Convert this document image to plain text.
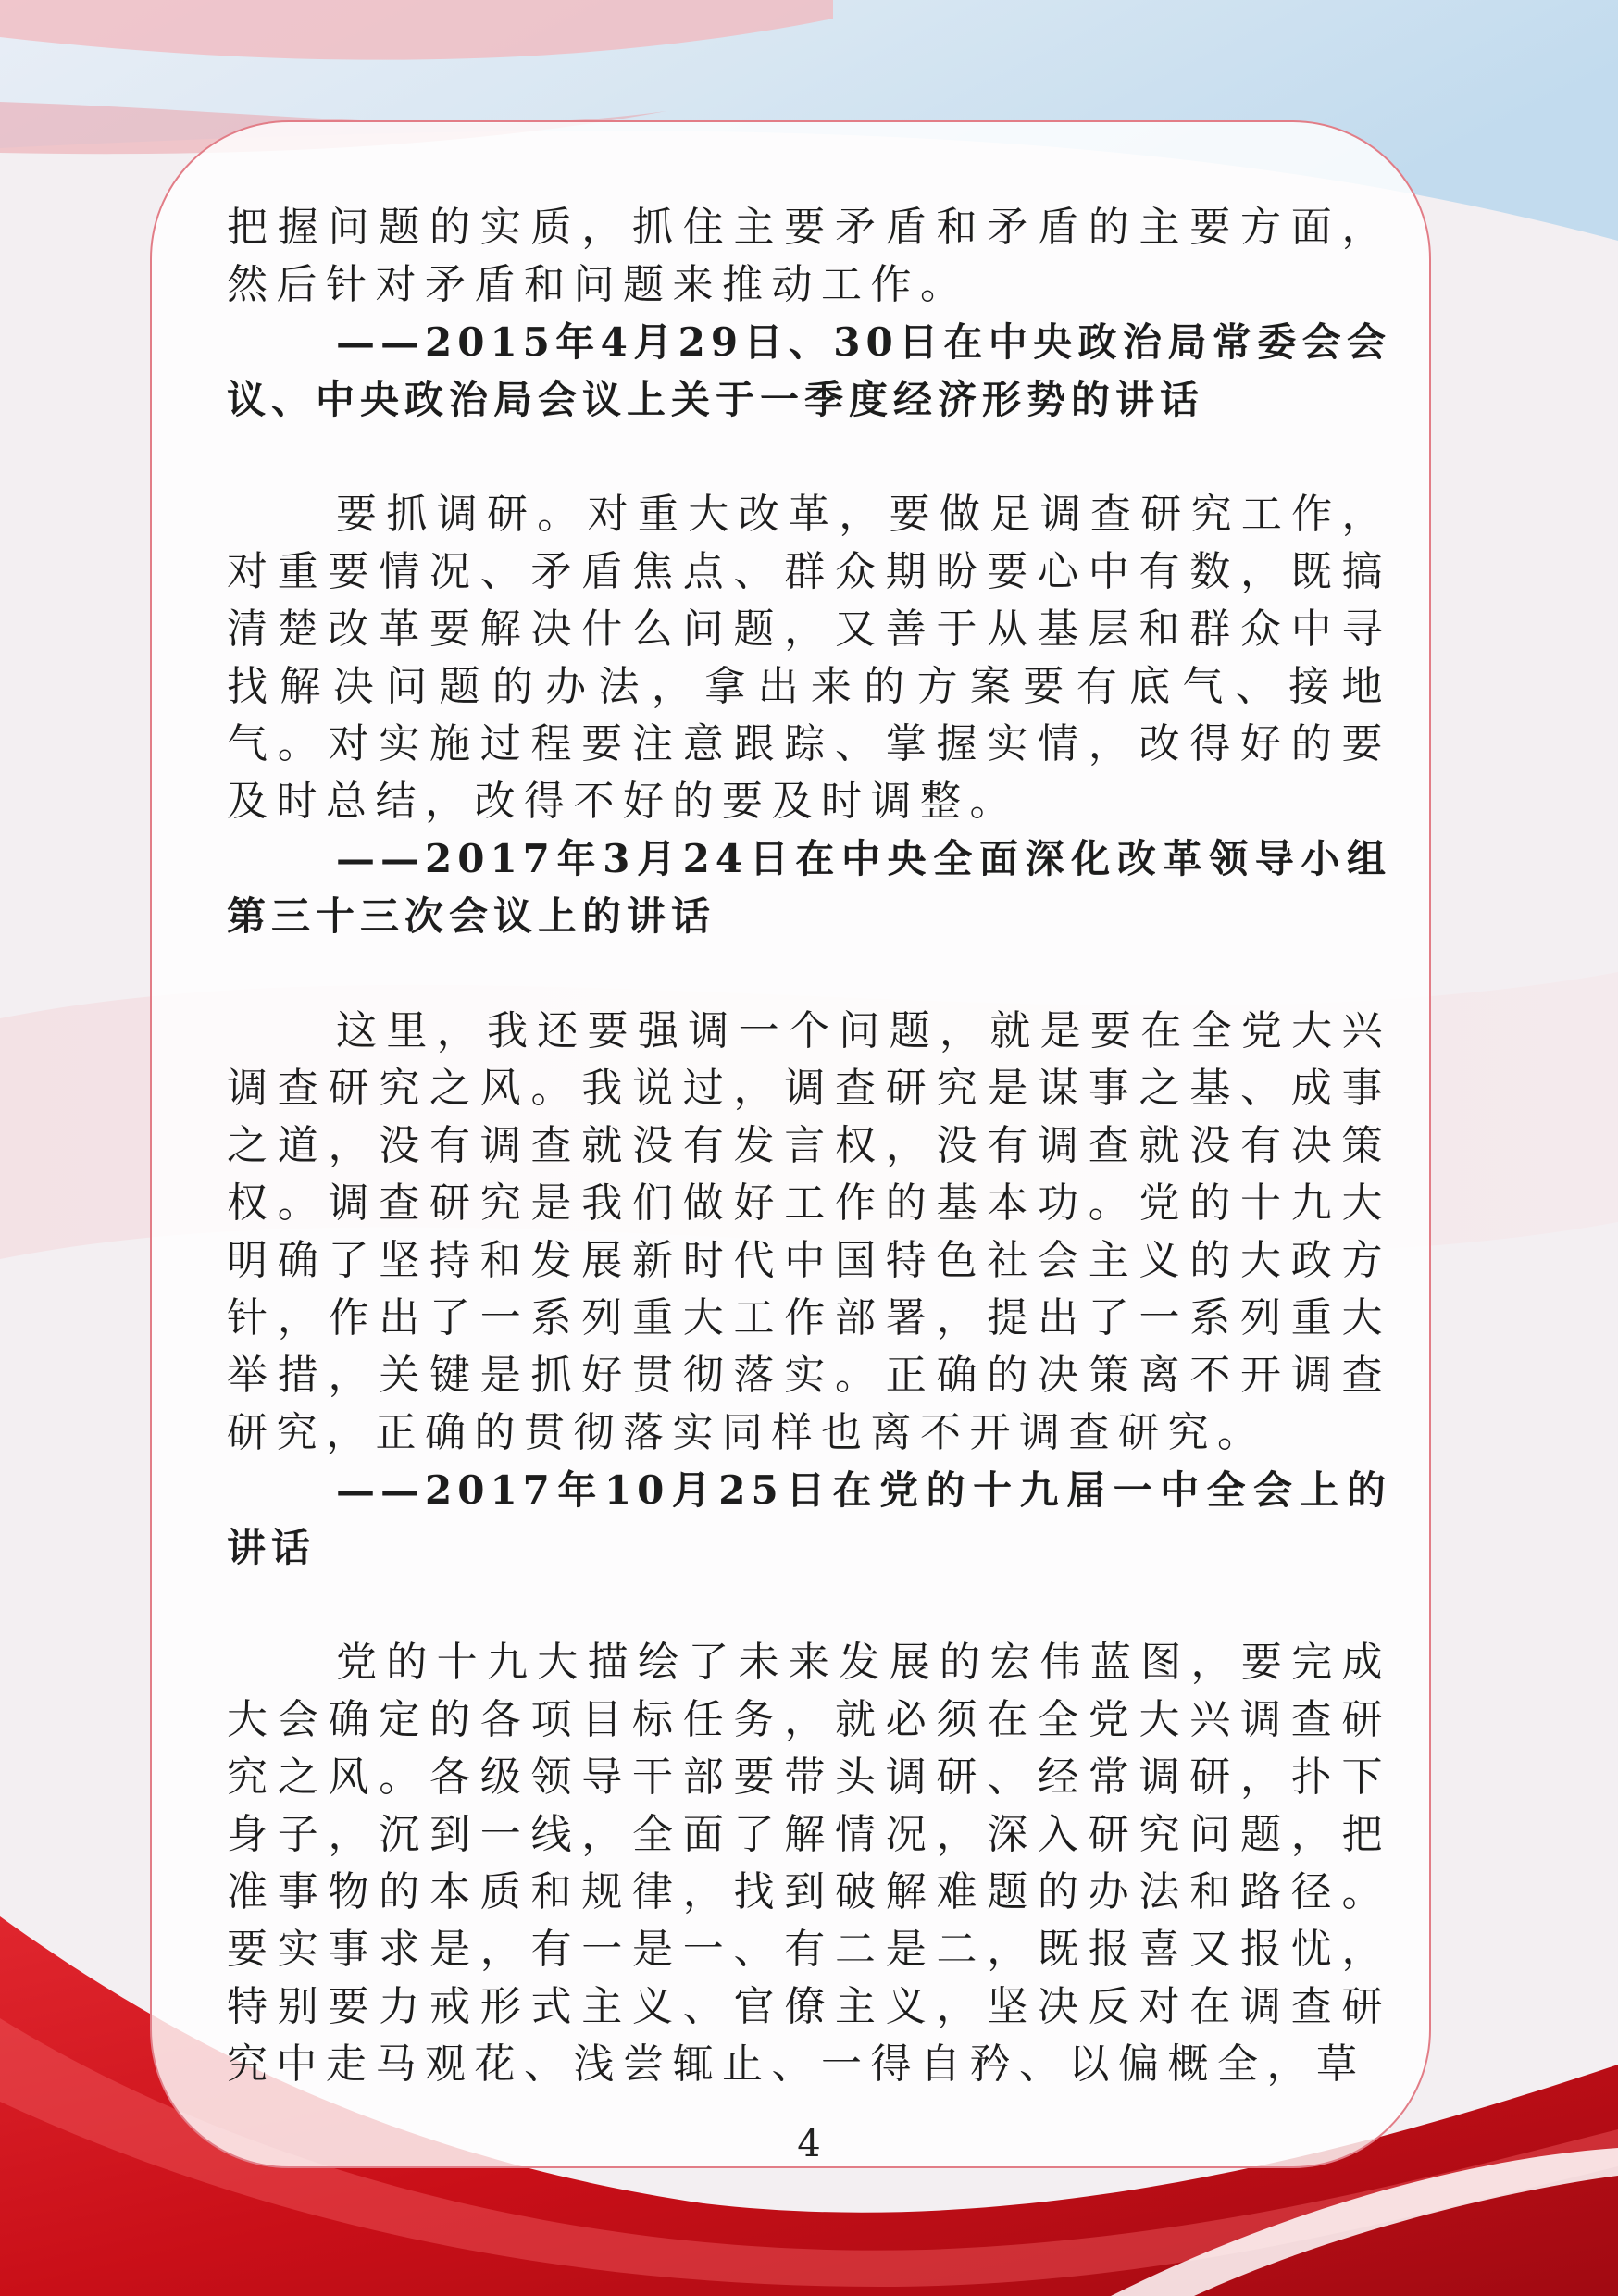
把握问题的实质，抓住主要矛盾和矛盾的主要方面，然后针对矛盾和问题来推动工作。

——2015年4月29日、30日在中央政治局常委会会议、中央政治局会议上关于一季度经济形势的讲话

要抓调研。对重大改革，要做足调查研究工作，对重要情况、矛盾焦点、群众期盼要心中有数，既搞清楚改革要解决什么问题，又善于从基层和群众中寻找解决问题的办法，拿出来的方案要有底气、接地气。对实施过程要注意跟踪、掌握实情，改得好的要及时总结，改得不好的要及时调整。

——2017年3月24日在中央全面深化改革领导小组第三十三次会议上的讲话

这里，我还要强调一个问题，就是要在全党大兴调查研究之风。我说过，调查研究是谋事之基、成事之道，没有调查就没有发言权，没有调查就没有决策权。调查研究是我们做好工作的基本功。党的十九大明确了坚持和发展新时代中国特色社会主义的大政方针，作出了一系列重大工作部署，提出了一系列重大举措，关键是抓好贯彻落实。正确的决策离不开调查研究，正确的贯彻落实同样也离不开调查研究。

——2017年10月25日在党的十九届一中全会上的讲话

党的十九大描绘了未来发展的宏伟蓝图，要完成大会确定的各项目标任务，就必须在全党大兴调查研究之风。各级领导干部要带头调研、经常调研，扑下身子，沉到一线，全面了解情况，深入研究问题，把准事物的本质和规律，找到破解难题的办法和路径。要实事求是，有一是一、有二是二，既报喜又报忧，特别要力戒形式主义、官僚主义，坚决反对在调查研究中走马观花、浅尝辄止、一得自矜、以偏概全，草

4
